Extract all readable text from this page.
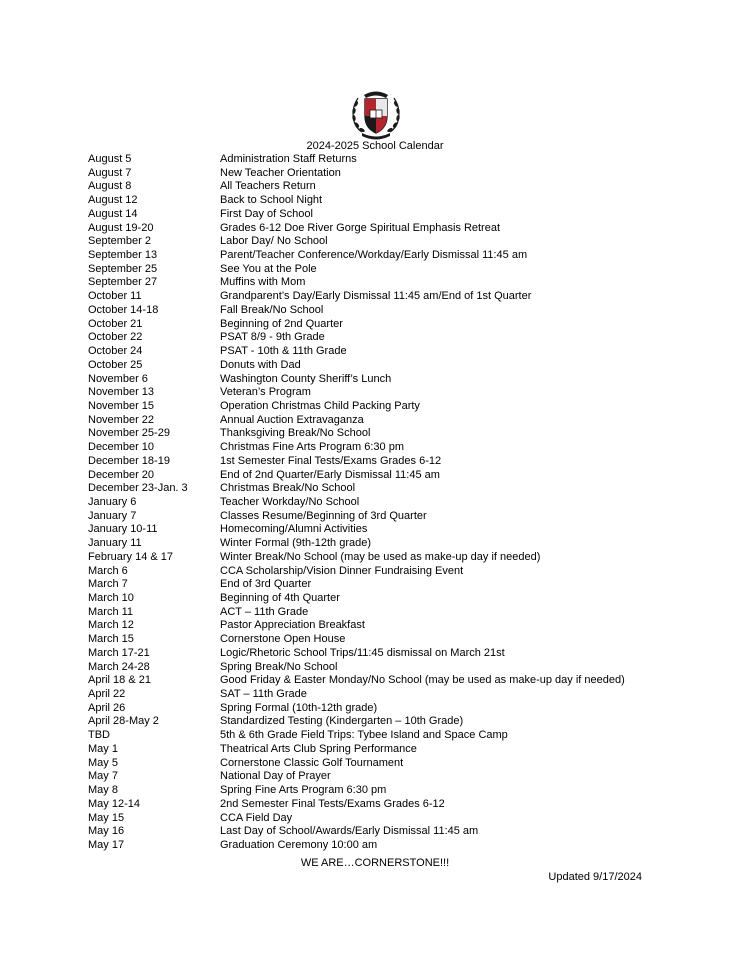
2024-2025 School Calendar
August 5	Administration Staff Returns
August 7	New Teacher Orientation
August 8	All Teachers Return
August 12	Back to School Night
August 14	First Day of School
August 19-20	Grades 6-12 Doe River Gorge Spiritual Emphasis Retreat
September 2	Labor Day/ No School
September 13	Parent/Teacher Conference/Workday/Early Dismissal 11:45 am
September 25	See You at the Pole
September 27	Muffins with Mom
October 11	Grandparent’s Day/Early Dismissal 11:45 am/End of 1st Quarter
October 14-18	Fall Break/No School
October 21	Beginning of 2nd Quarter
October 22	PSAT 8/9 - 9th Grade
October 24	PSAT - 10th & 11th Grade
October 25	Donuts with Dad
November 6	Washington County Sheriff’s Lunch
November 13	Veteran’s Program
November 15	Operation Christmas Child Packing Party
November 22	Annual Auction Extravaganza
November 25-29	Thanksgiving Break/No School
December 10	Christmas Fine Arts Program 6:30 pm
December 18-19	1st Semester Final Tests/Exams Grades 6-12
December 20	End of 2nd Quarter/Early Dismissal 11:45 am
December 23-Jan. 3	Christmas Break/No School
January 6	Teacher Workday/No School
January 7	Classes Resume/Beginning of 3rd Quarter
January 10-11	Homecoming/Alumni Activities
January 11	Winter Formal (9th-12th grade)
February 14 & 17	Winter Break/No School (may be used as make-up day if needed)
March 6	CCA Scholarship/Vision Dinner Fundraising Event
March 7	End of 3rd Quarter
March 10	Beginning of 4th Quarter
March 11	ACT – 11th Grade
March 12	Pastor Appreciation Breakfast
March 15	Cornerstone Open House
March 17-21	Logic/Rhetoric School Trips/11:45 dismissal on March 21st
March 24-28	Spring Break/No School
April 18 & 21	Good Friday & Easter Monday/No School (may be used as make-up day if needed)
April 22	SAT – 11th Grade
April 26	Spring Formal (10th-12th grade)
April 28-May 2	Standardized Testing (Kindergarten – 10th Grade)
TBD	5th & 6th Grade Field Trips: Tybee Island and Space Camp
May 1	Theatrical Arts Club Spring Performance
May 5	Cornerstone Classic Golf Tournament
May 7	National Day of Prayer
May 8	Spring Fine Arts Program 6:30 pm
May 12-14	2nd Semester Final Tests/Exams Grades 6-12
May 15	CCA Field Day
May 16	Last Day of School/Awards/Early Dismissal 11:45 am
May 17	Graduation Ceremony 10:00 am
WE ARE…CORNERSTONE!!!
Updated 9/17/2024
